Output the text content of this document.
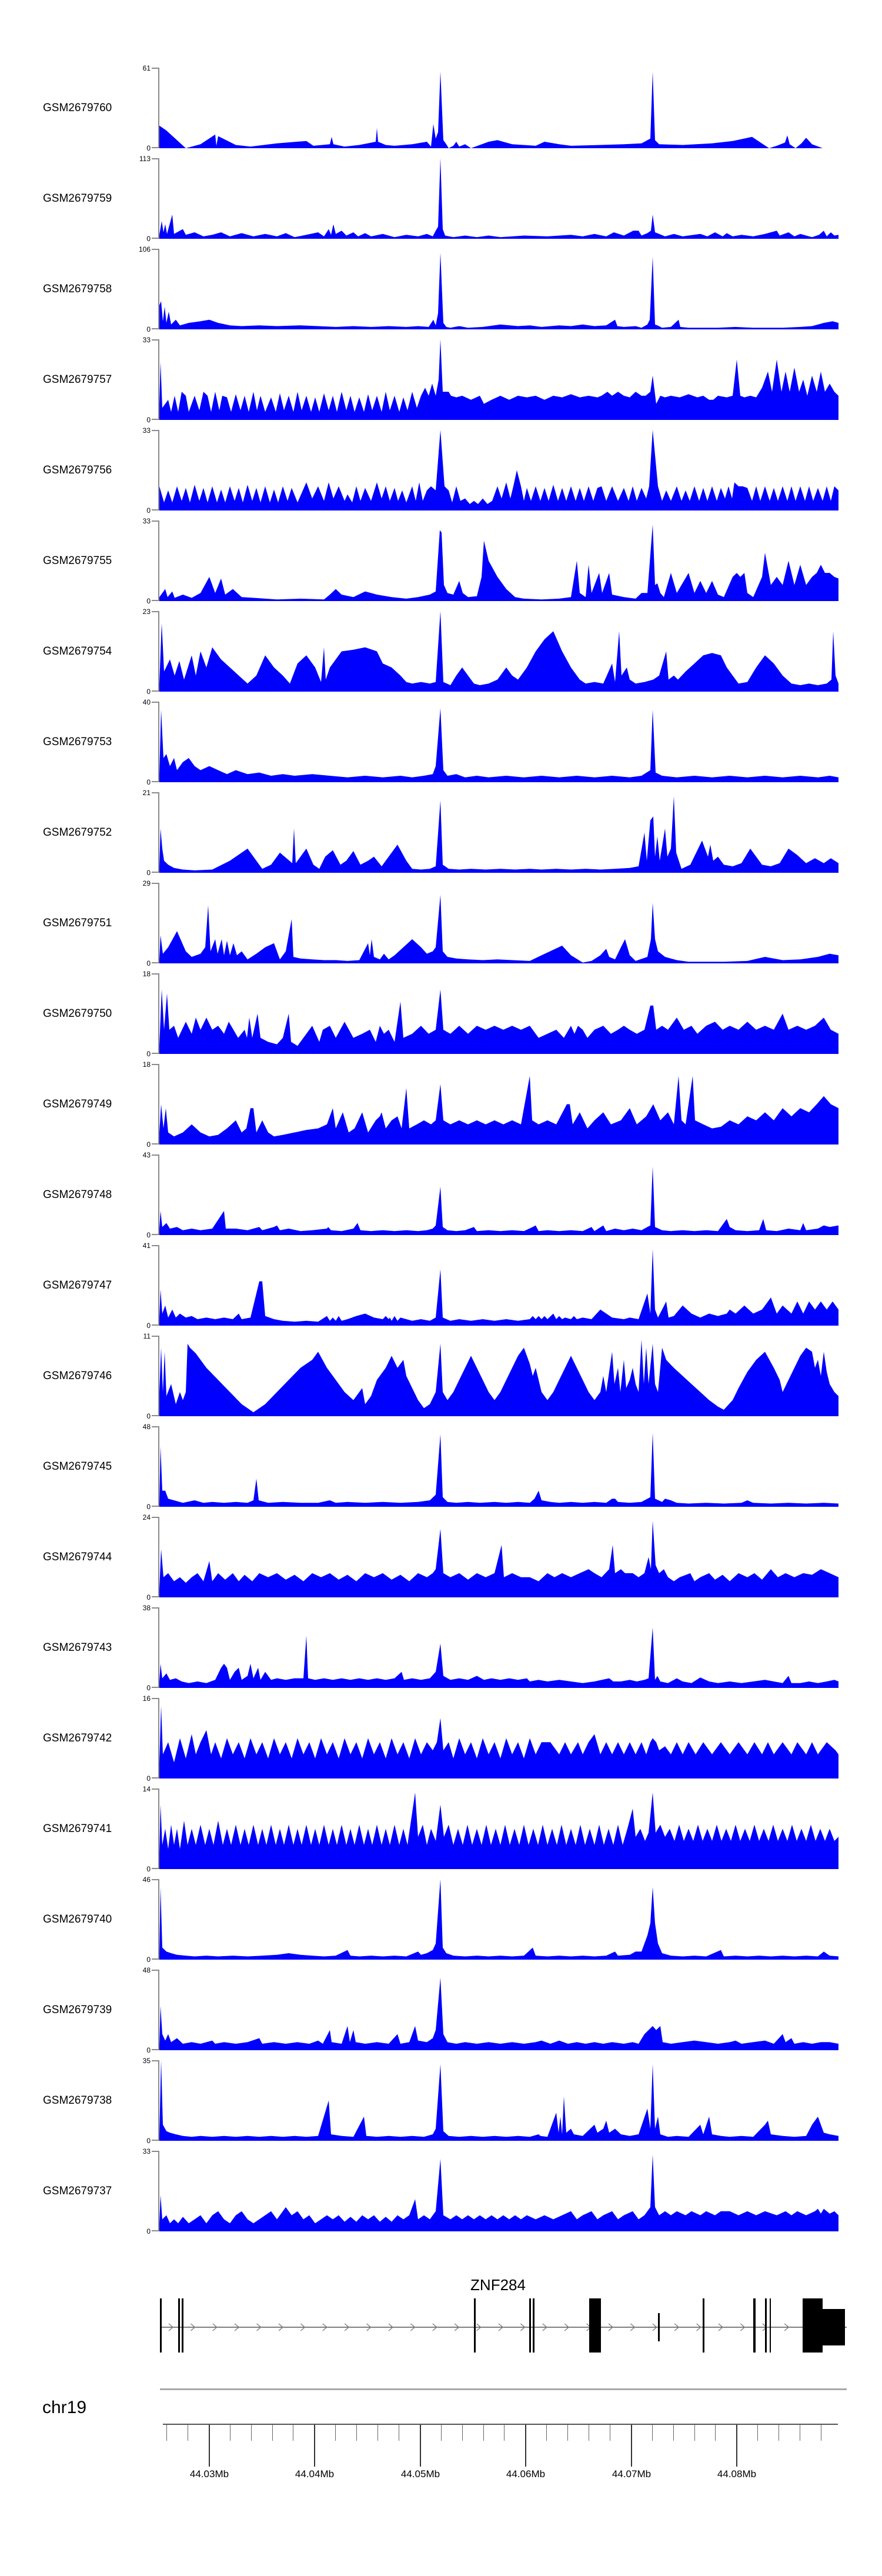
GSM2679760
61
0
GSM2679759
113
0
GSM2679758
106
0
GSM2679757
33
0
GSM2679756
33
0
GSM2679755
33
0
GSM2679754
23
0
GSM2679753
40
0
GSM2679752
21
0
GSM2679751
29
0
GSM2679750
18
0
GSM2679749
18
0
GSM2679748
43
0
GSM2679747
41
0
GSM2679746
11
0
GSM2679745
48
0
GSM2679744
24
0
GSM2679743
38
0
GSM2679742
16
0
GSM2679741
14
0
GSM2679740
46
0
GSM2679739
48
0
GSM2679738
35
0
GSM2679737
33
0
ZNF284
chr19
44.03Mb	44.04Mb	44.05Mb	44.06Mb	44.07Mb	44.08Mb
